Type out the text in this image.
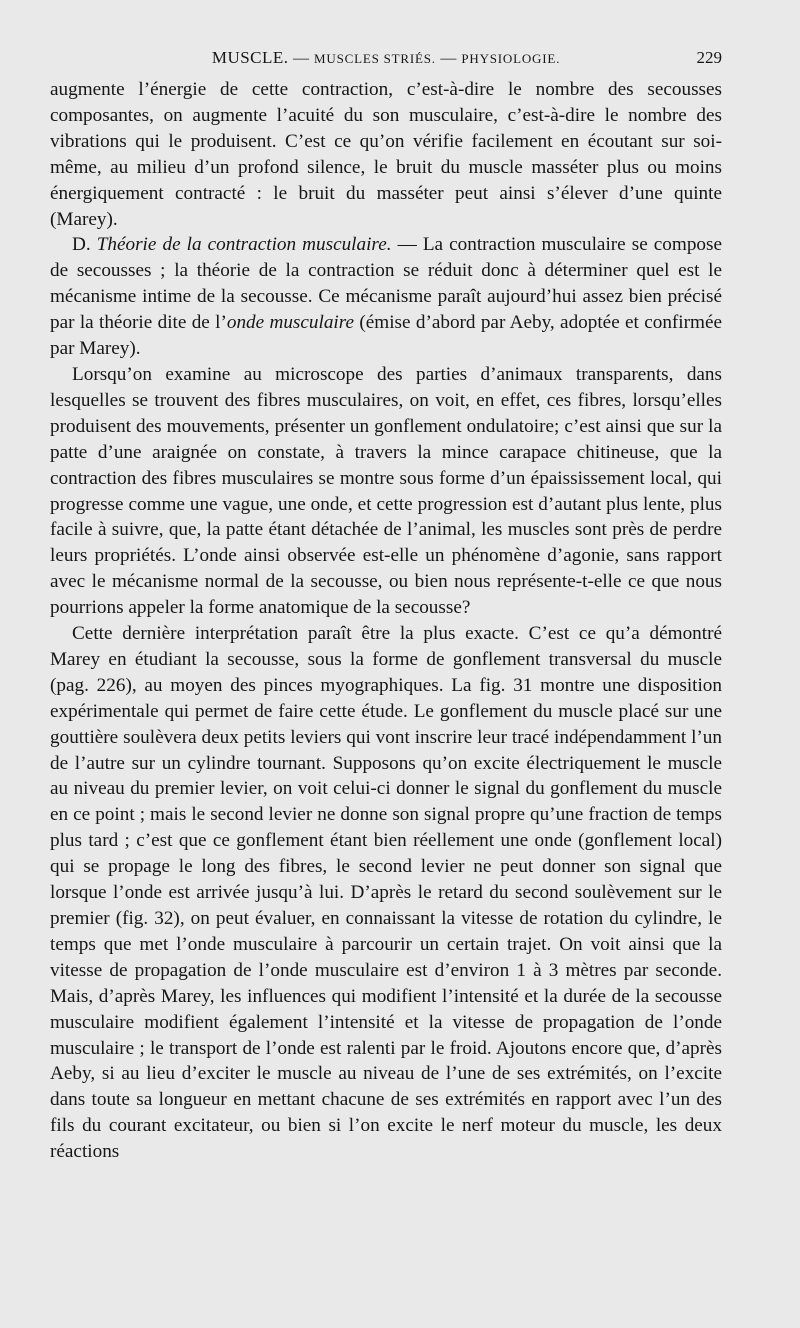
MUSCLE. — MUSCLES STRIÉS. — PHYSIOLOGIE.	229

augmente l’énergie de cette contraction, c’est-à-dire le nombre des secousses composantes, on augmente l’acuité du son musculaire, c’est-à-dire le nombre des vibrations qui le produisent. C’est ce qu’on vérifie facilement en écoutant sur soi-même, au milieu d’un profond silence, le bruit du muscle masséter plus ou moins énergiquement contracté : le bruit du masséter peut ainsi s’élever d’une quinte (Marey).

D. Théorie de la contraction musculaire. — La contraction musculaire se compose de secousses ; la théorie de la contraction se réduit donc à déterminer quel est le mécanisme intime de la secousse. Ce mécanisme paraît aujourd’hui assez bien précisé par la théorie dite de l’onde musculaire (émise d’abord par Aeby, adoptée et confirmée par Marey).

Lorsqu’on examine au microscope des parties d’animaux transparents, dans lesquelles se trouvent des fibres musculaires, on voit, en effet, ces fibres, lorsqu’elles produisent des mouvements, présenter un gonflement ondulatoire; c’est ainsi que sur la patte d’une araignée on constate, à travers la mince carapace chitineuse, que la contraction des fibres musculaires se montre sous forme d’un épaississement local, qui progresse comme une vague, une onde, et cette progression est d’autant plus lente, plus facile à suivre, que, la patte étant détachée de l’animal, les muscles sont près de perdre leurs propriétés. L’onde ainsi observée est-elle un phénomène d’agonie, sans rapport avec le mécanisme normal de la secousse, ou bien nous représente-t-elle ce que nous pourrions appeler la forme anatomique de la secousse?

Cette dernière interprétation paraît être la plus exacte. C’est ce qu’a démontré Marey en étudiant la secousse, sous la forme de gonflement transversal du muscle (pag. 226), au moyen des pinces myographiques. La fig. 31 montre une disposition expérimentale qui permet de faire cette étude. Le gonflement du muscle placé sur une gouttière soulèvera deux petits leviers qui vont inscrire leur tracé indépendamment l’un de l’autre sur un cylindre tournant. Supposons qu’on excite électriquement le muscle au niveau du premier levier, on voit celui-ci donner le signal du gonflement du muscle en ce point ; mais le second levier ne donne son signal propre qu’une fraction de temps plus tard ; c’est que ce gonflement étant bien réellement une onde (gonflement local) qui se propage le long des fibres, le second levier ne peut donner son signal que lorsque l’onde est arrivée jusqu’à lui. D’après le retard du second soulèvement sur le premier (fig. 32), on peut évaluer, en connaissant la vitesse de rotation du cylindre, le temps que met l’onde musculaire à parcourir un certain trajet. On voit ainsi que la vitesse de propagation de l’onde musculaire est d’environ 1 à 3 mètres par seconde. Mais, d’après Marey, les influences qui modifient l’intensité et la durée de la secousse musculaire modifient également l’intensité et la vitesse de propagation de l’onde musculaire ; le transport de l’onde est ralenti par le froid. Ajoutons encore que, d’après Aeby, si au lieu d’exciter le muscle au niveau de l’une de ses extrémités, on l’excite dans toute sa longueur en mettant chacune de ses extrémités en rapport avec l’un des fils du courant excitateur, ou bien si l’on excite le nerf moteur du muscle, les deux réactions
